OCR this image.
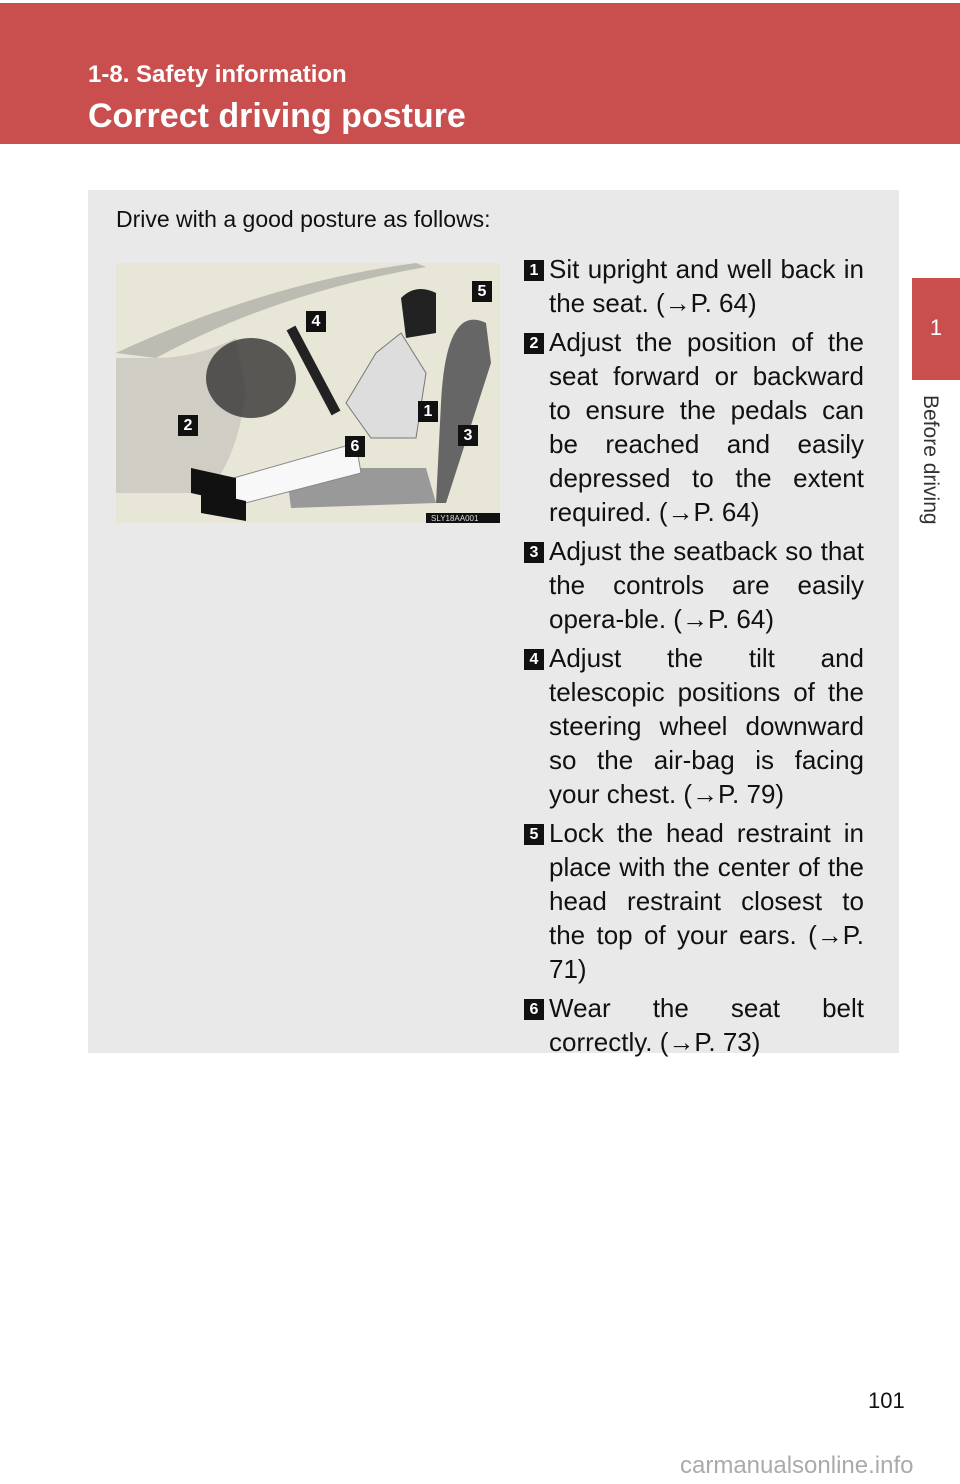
1-8. Safety information
Correct driving posture
Drive with a good posture as follows:
SLY18AA001
1
2
3
4
5
6
1 Sit upright and well back in the seat. (→P. 64)
2 Adjust the position of the seat forward or backward to ensure the pedals can be reached and easily depressed to the extent required. (→P. 64)
3 Adjust the seatback so that the controls are easily opera-ble. (→P. 64)
4 Adjust the tilt and telescopic positions of the steering wheel downward so the air-bag is facing your chest. (→P. 79)
5 Lock the head restraint in place with the center of the head restraint closest to the top of your ears. (→P. 71)
6 Wear the seat belt correctly. (→P. 73)
1
Before driving
101
carmanualsonline.info
